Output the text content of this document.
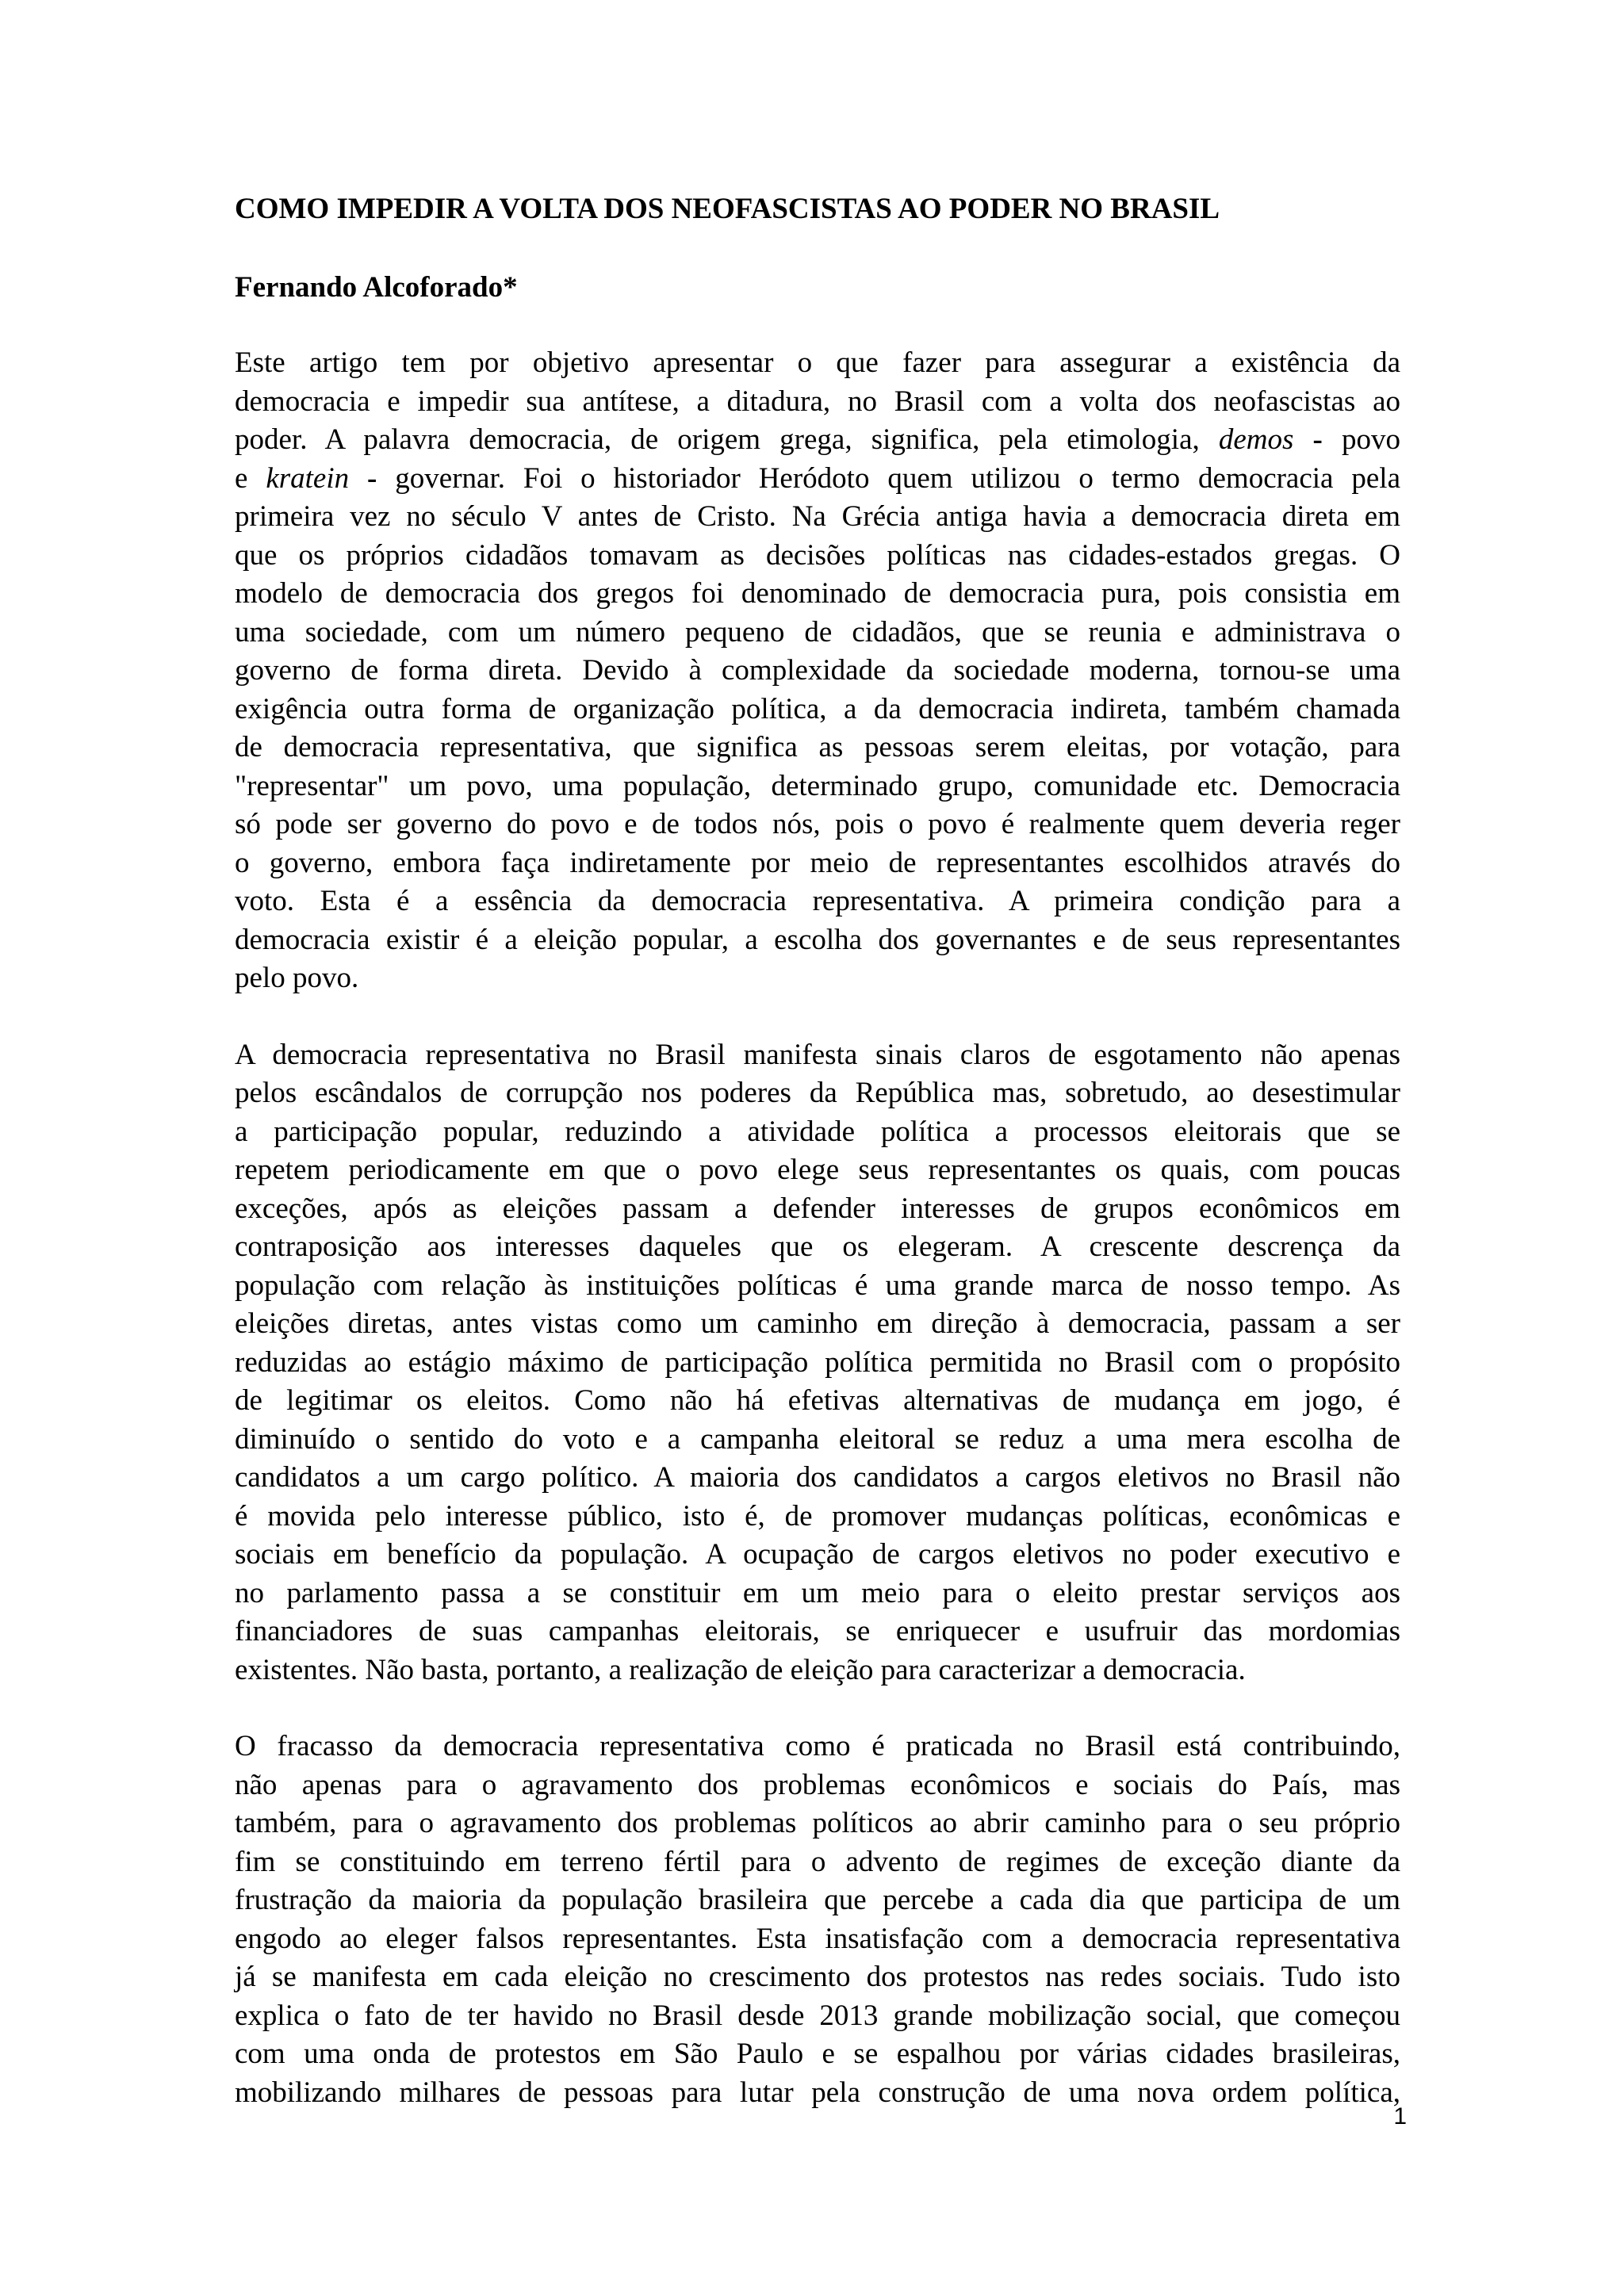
COMO IMPEDIR A VOLTA DOS NEOFASCISTAS AO PODER NO BRASIL
Fernando Alcoforado*
Este artigo tem por objetivo apresentar o que fazer para assegurar a existência da
democracia e impedir sua antítese, a ditadura, no Brasil com a volta dos neofascistas ao
poder. A palavra democracia, de origem grega, significa, pela etimologia, demos - povo
e kratein - governar. Foi o historiador Heródoto quem utilizou o termo democracia pela
primeira vez no século V antes de Cristo. Na Grécia antiga havia a democracia direta em
que os próprios cidadãos tomavam as decisões políticas nas cidades-estados gregas. O
modelo de democracia dos gregos foi denominado de democracia pura, pois consistia em
uma sociedade, com um número pequeno de cidadãos, que se reunia e administrava o
governo de forma direta. Devido à complexidade da sociedade moderna, tornou-se uma
exigência outra forma de organização política, a da democracia indireta, também chamada
de democracia representativa, que significa as pessoas serem eleitas, por votação, para
"representar" um povo, uma população, determinado grupo, comunidade etc. Democracia
só pode ser governo do povo e de todos nós, pois o povo é realmente quem deveria reger
o governo, embora faça indiretamente por meio de representantes escolhidos através do
voto. Esta é a essência da democracia representativa. A primeira condição para a
democracia existir é a eleição popular, a escolha dos governantes e de seus representantes
pelo povo.
A democracia representativa no Brasil manifesta sinais claros de esgotamento não apenas
pelos escândalos de corrupção nos poderes da República mas, sobretudo, ao desestimular
a participação popular, reduzindo a atividade política a processos eleitorais que se
repetem periodicamente em que o povo elege seus representantes os quais, com poucas
exceções, após as eleições passam a defender interesses de grupos econômicos em
contraposição aos interesses daqueles que os elegeram. A crescente descrença da
população com relação às instituições políticas é uma grande marca de nosso tempo. As
eleições diretas, antes vistas como um caminho em direção à democracia, passam a ser
reduzidas ao estágio máximo de participação política permitida no Brasil com o propósito
de legitimar os eleitos. Como não há efetivas alternativas de mudança em jogo, é
diminuído o sentido do voto e a campanha eleitoral se reduz a uma mera escolha de
candidatos a um cargo político. A maioria dos candidatos a cargos eletivos no Brasil não
é movida pelo interesse público, isto é, de promover mudanças políticas, econômicas e
sociais em benefício da população. A ocupação de cargos eletivos no poder executivo e
no parlamento passa a se constituir em um meio para o eleito prestar serviços aos
financiadores de suas campanhas eleitorais, se enriquecer e usufruir das mordomias
existentes. Não basta, portanto, a realização de eleição para caracterizar a democracia.
O fracasso da democracia representativa como é praticada no Brasil está contribuindo,
não apenas para o agravamento dos problemas econômicos e sociais do País, mas
também, para o agravamento dos problemas políticos ao abrir caminho para o seu próprio
fim se constituindo em terreno fértil para o advento de regimes de exceção diante da
frustração da maioria da população brasileira que percebe a cada dia que participa de um
engodo ao eleger falsos representantes. Esta insatisfação com a democracia representativa
já se manifesta em cada eleição no crescimento dos protestos nas redes sociais. Tudo isto
explica o fato de ter havido no Brasil desde 2013 grande mobilização social, que começou
com uma onda de protestos em São Paulo e se espalhou por várias cidades brasileiras,
mobilizando milhares de pessoas para lutar pela construção de uma nova ordem política,
1
